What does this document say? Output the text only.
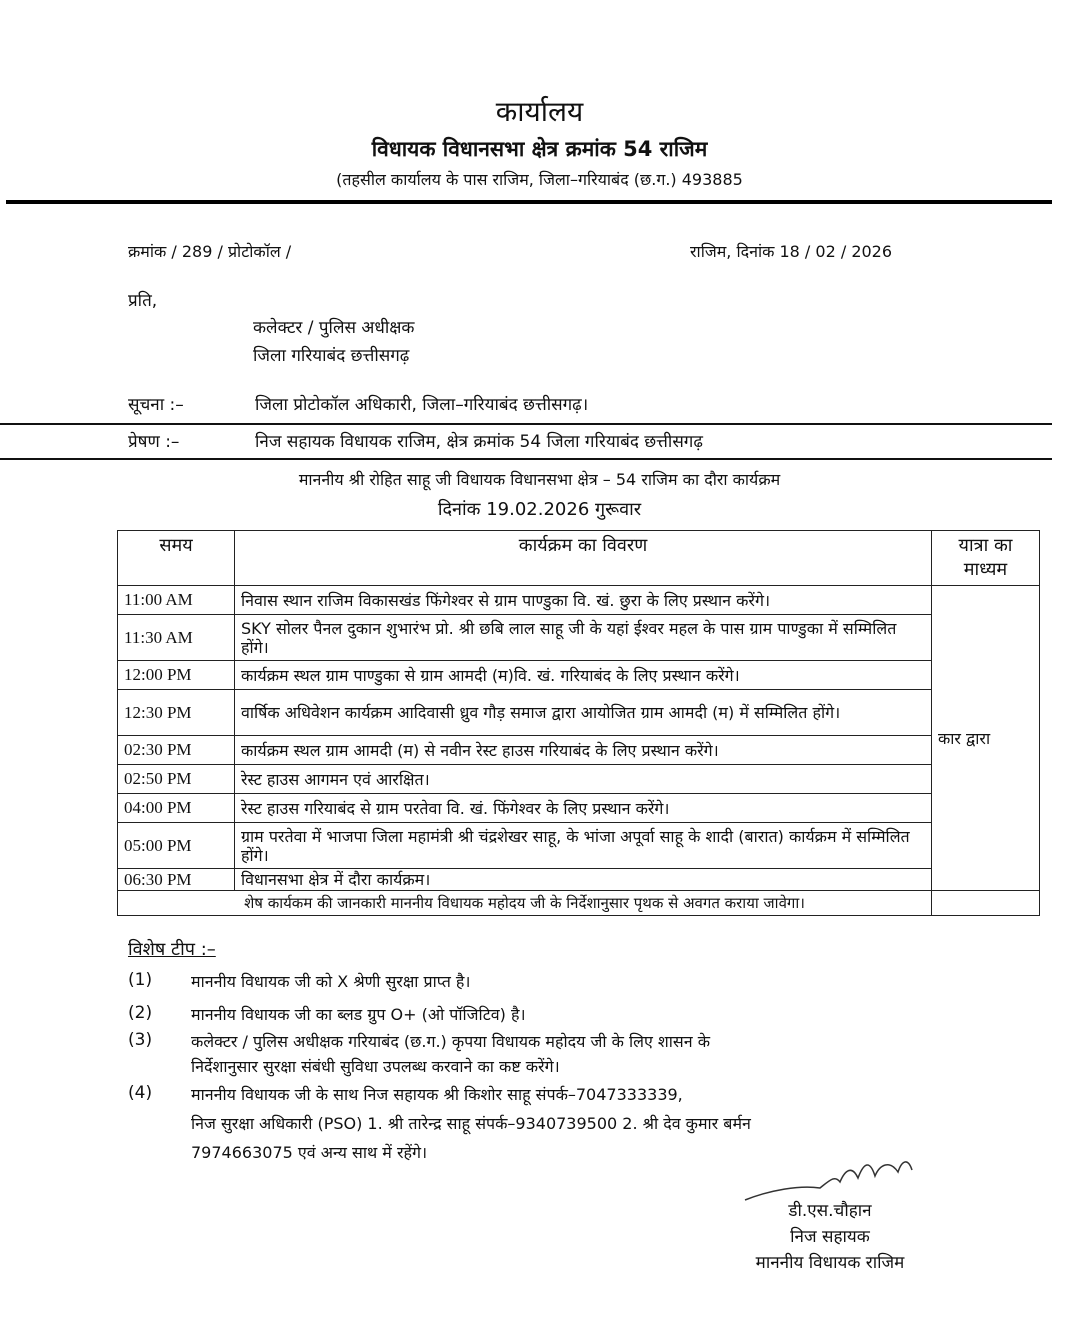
कार्यालय
विधायक विधानसभा क्षेत्र क्रमांक 54 राजिम
(तहसील कार्यालय के पास राजिम, जिला–गरियाबंद (छ.ग.) 493885
क्रमांक / 289 / प्रोटोकॉल /	राजिम, दिनांक 18 / 02 / 2026
प्रति,
कलेक्टर / पुलिस अधीक्षक
जिला गरियाबंद छत्तीसगढ़
सूचना :–	जिला प्रोटोकॉल अधिकारी, जिला–गरियाबंद छत्तीसगढ़।
प्रेषण :–	निज सहायक विधायक राजिम, क्षेत्र क्रमांक 54 जिला गरियाबंद छत्तीसगढ़
माननीय श्री रोहित साहू जी विधायक विधानसभा क्षेत्र – 54 राजिम का दौरा कार्यक्रम
दिनांक 19.02.2026 गुरूवार
समय	कार्यक्रम का विवरण	यात्रा का माध्यम
11:00 AM	निवास स्थान राजिम विकासखंड फिंगेश्वर से ग्राम पाण्डुका वि. खं. छुरा के लिए प्रस्थान करेंगे।	कार द्वारा
11:30 AM	SKY सोलर पैनल दुकान शुभारंभ प्रो. श्री छबि लाल साहू जी के यहां ईश्वर महल के पास ग्राम पाण्डुका में सम्मिलित होंगे।	
12:00 PM	कार्यक्रम स्थल ग्राम पाण्डुका से ग्राम आमदी (म)वि. खं. गरियाबंद के लिए प्रस्थान करेंगे।	
12:30 PM	वार्षिक अधिवेशन कार्यक्रम आदिवासी ध्रुव गौड़ समाज द्वारा आयोजित ग्राम आमदी (म) में सम्मिलित होंगे।	
02:30 PM	कार्यक्रम स्थल ग्राम आमदी (म) से नवीन रेस्ट हाउस गरियाबंद के लिए प्रस्थान करेंगे।	
02:50 PM	रेस्ट हाउस आगमन एवं आरक्षित।	
04:00 PM	रेस्ट हाउस गरियाबंद से ग्राम परतेवा वि. खं. फिंगेश्वर के लिए प्रस्थान करेंगे।	
05:00 PM	ग्राम परतेवा में भाजपा जिला महामंत्री श्री चंद्रशेखर साहू, के भांजा अपूर्वा साहू के शादी (बारात) कार्यक्रम में सम्मिलित होंगे।	
06:30 PM	विधानसभा क्षेत्र में दौरा कार्यक्रम।	
शेष कार्यकम की जानकारी माननीय विधायक महोदय जी के निर्देशानुसार पृथक से अवगत कराया जावेगा।		
विशेष टीप :–
(1) माननीय विधायक जी को X श्रेणी सुरक्षा प्राप्त है।
(2) माननीय विधायक जी का ब्लड ग्रुप O+ (ओ पॉजिटिव) है।
(3) कलेक्टर / पुलिस अधीक्षक गरियाबंद (छ.ग.) कृपया विधायक महोदय जी के लिए शासन के
निर्देशानुसार सुरक्षा संबंधी सुविधा उपलब्ध करवाने का कष्ट करेंगे।
(4) माननीय विधायक जी के साथ निज सहायक श्री किशोर साहू संपर्क–7047333339,
निज सुरक्षा अधिकारी (PSO) 1. श्री तारेन्द्र साहू संपर्क–9340739500 2. श्री देव कुमार बर्मन
7974663075 एवं अन्य साथ में रहेंगे।
डी.एस.चौहान
निज सहायक
माननीय विधायक राजिम
